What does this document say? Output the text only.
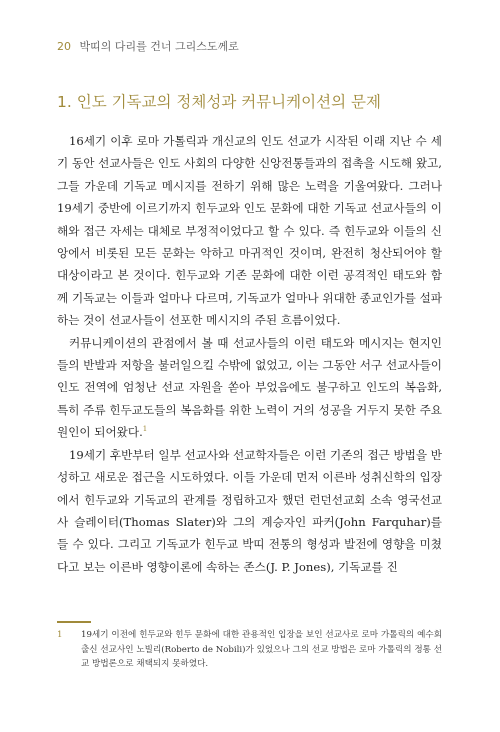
20 박띠의 다리를 건너 그리스도께로
1. 인도 기독교의 정체성과 커뮤니케이션의 문제

16세기 이후 로마 가톨릭과 개신교의 인도 선교가 시작된 이래 지난 수 세기 동안 선교사들은 인도 사회의 다양한 신앙전통들과의 접촉을 시도해 왔고, 그들 가운데 기독교 메시지를 전하기 위해 많은 노력을 기울여왔다. 그러나 19세기 중반에 이르기까지 힌두교와 인도 문화에 대한 기독교 선교사들의 이해와 접근 자세는 대체로 부정적이었다고 할 수 있다. 즉 힌두교와 이들의 신앙에서 비롯된 모든 문화는 악하고 마귀적인 것이며, 완전히 청산되어야 할 대상이라고 본 것이다. 힌두교와 기존 문화에 대한 이런 공격적인 태도와 함께 기독교는 이들과 얼마나 다르며, 기독교가 얼마나 위대한 종교인가를 설파하는 것이 선교사들이 선포한 메시지의 주된 흐름이었다.

커뮤니케이션의 관점에서 볼 때 선교사들의 이런 태도와 메시지는 현지인들의 반발과 저항을 불러일으킬 수밖에 없었고, 이는 그동안 서구 선교사들이 인도 전역에 엄청난 선교 자원을 쏟아 부었음에도 불구하고 인도의 복음화, 특히 주류 힌두교도들의 복음화를 위한 노력이 거의 성공을 거두지 못한 주요 원인이 되어왔다.$^1$

19세기 후반부터 일부 선교사와 선교학자들은 이런 기존의 접근 방법을 반성하고 새로운 접근을 시도하였다. 이들 가운데 먼저 이른바 성취신학의 입장에서 힌두교와 기독교의 관계를 정립하고자 했던 런던선교회 소속 영국선교사 슬레이터(Thomas Slater)와 그의 계승자인 파커(John Farquhar)를 들 수 있다. 그리고 기독교가 힌두교 박띠 전통의 형성과 발전에 영향을 미쳤다고 보는 이른바 영향이론에 속하는 존스(J. P. Jones), 기독교를 진

1 19세기 이전에 힌두교와 힌두 문화에 대한 관용적인 입장을 보인 선교사로 로마 가톨릭의 예수회 출신 선교사인 노빌리(Roberto de Nobili)가 있었으나 그의 선교 방법은 로마 가톨릭의 정통 선교 방법론으로 채택되지 못하였다.
